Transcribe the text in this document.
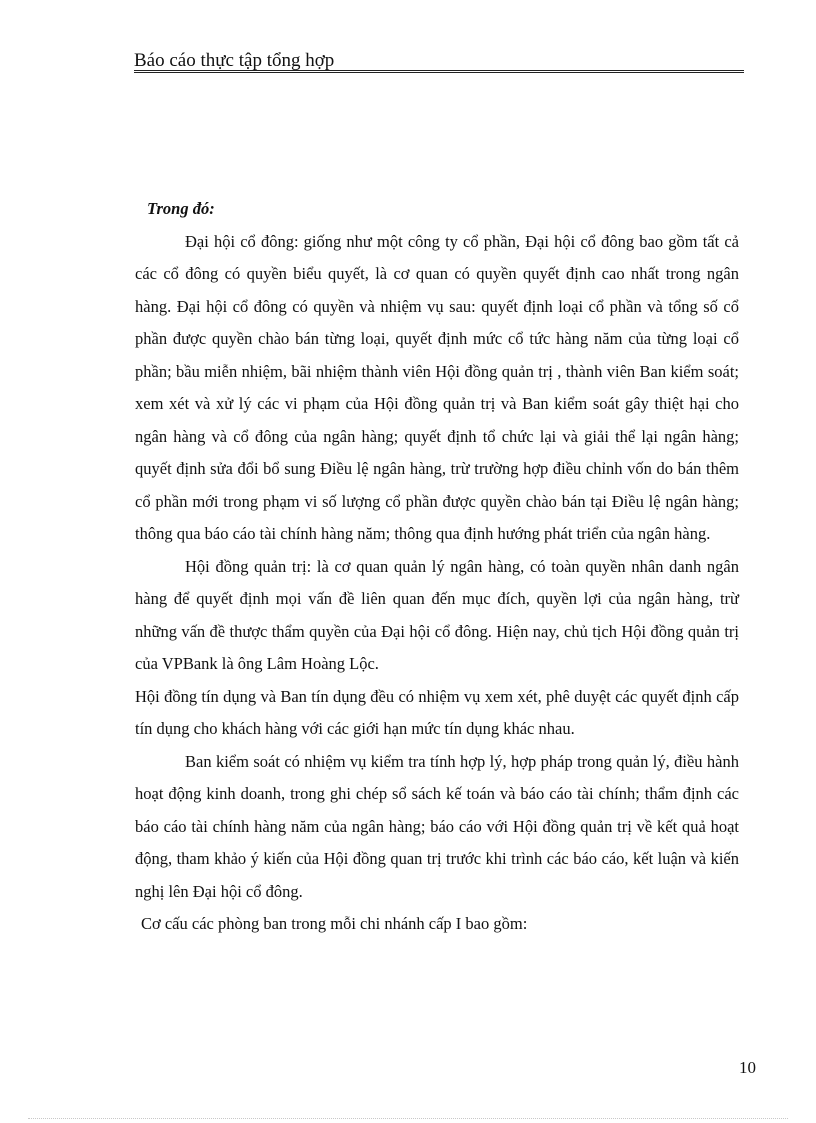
Báo cáo thực tập tổng hợp

Trong đó:

Đại hội cổ đông: giống như một công ty cổ phần, Đại hội cổ đông bao gồm tất cả các cổ đông có quyền biểu quyết, là cơ quan có quyền quyết định cao nhất trong ngân hàng. Đại hội cổ đông có quyền và nhiệm vụ sau: quyết định loại cổ phần và tổng số cổ phần được quyền chào bán từng loại, quyết định mức cổ tức hàng năm của từng loại cổ phần; bầu miễn nhiệm, bãi nhiệm thành viên Hội đồng quản trị , thành viên Ban kiểm soát; xem xét và xử lý các vi phạm của Hội đồng quản trị và Ban kiểm soát gây thiệt hại cho ngân hàng và cổ đông của ngân hàng; quyết định tổ chức lại và giải thể lại ngân hàng; quyết định sửa đổi bổ sung Điều lệ ngân hàng, trừ trường hợp điều chỉnh vốn do bán thêm cổ phần mới trong phạm vi số lượng cổ phần được quyền chào bán tại Điều lệ ngân hàng; thông qua báo cáo tài chính hàng năm; thông qua định hướng phát triển của ngân hàng.

Hội đồng quản trị: là cơ quan quản lý ngân hàng, có toàn quyền nhân danh ngân hàng để quyết định mọi vấn đề liên quan đến mục đích, quyền lợi của ngân hàng, trừ những vấn đề thược thẩm quyền của Đại hội cổ đông. Hiện nay, chủ tịch Hội đồng quản trị của VPBank là ông Lâm Hoàng Lộc.

Hội đồng tín dụng và Ban tín dụng đều có nhiệm vụ xem xét, phê duyệt các quyết định cấp tín dụng cho khách hàng với các giới hạn mức tín dụng khác nhau.

Ban kiểm soát có nhiệm vụ kiểm tra tính hợp lý, hợp pháp trong quản lý, điều hành hoạt động kinh doanh, trong ghi chép sổ sách kế toán và báo cáo tài chính; thẩm định các báo cáo tài chính hàng năm của ngân hàng; báo cáo với Hội đồng quản trị về kết quả hoạt động, tham khảo ý kiến của Hội đồng quan trị trước khi trình các báo cáo, kết luận và kiến nghị lên Đại hội cổ đông.

Cơ cấu các phòng ban trong mỗi chi nhánh cấp I bao gồm:

10
